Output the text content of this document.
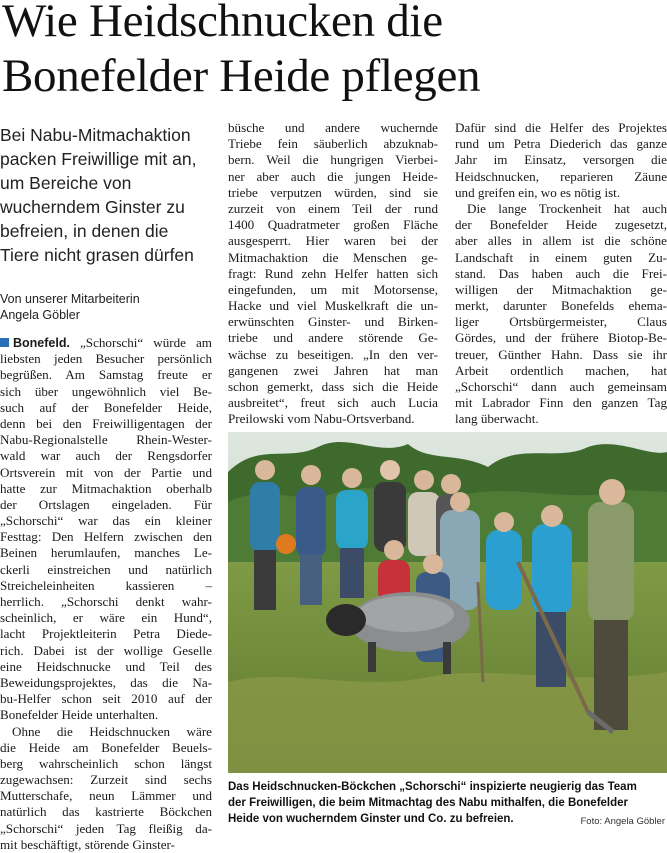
Wie Heidschnucken die
Bonefelder Heide pflegen
Bei Nabu-Mitmachaktion
packen Freiwillige mit an,
um Bereiche von
wucherndem Ginster zu
befreien, in denen die
Tiere nicht grasen dürfen
Von unserer Mitarbeiterin
Angela Göbler
Bonefeld. „Schorschi“ würde am
liebsten jeden Besucher persönlich
begrüßen. Am Samstag freute er
sich über ungewöhnlich viel Be-
such auf der Bonefelder Heide,
denn bei den Freiwilligentagen der
Nabu-Regionalstelle Rhein-Wester-
wald war auch der Rengsdorfer
Ortsverein mit von der Partie und
hatte zur Mitmachaktion oberhalb
der Ortslagen eingeladen. Für
„Schorschi“ war das ein kleiner
Festtag: Den Helfern zwischen den
Beinen herumlaufen, manches Le-
ckerli einstreichen und natürlich
Streicheleinheiten kassieren –
herrlich. „Schorschi denkt wahr-
scheinlich, er wäre ein Hund“,
lacht Projektleiterin Petra Diede-
rich. Dabei ist der wollige Geselle
eine Heidschnucke und Teil des
Beweidungsprojektes, das die Na-
bu-Helfer schon seit 2010 auf der
Bonefelder Heide unterhalten.
Ohne die Heidschnucken wäre
die Heide am Bonefelder Beuels-
berg wahrscheinlich schon längst
zugewachsen: Zurzeit sind sechs
Mutterschafe, neun Lämmer und
natürlich das kastrierte Böckchen
„Schorschi“ jeden Tag fleißig da-
mit beschäftigt, störende Ginster-
büsche und andere wuchernde
Triebe fein säuberlich abzuknab-
bern. Weil die hungrigen Vierbei-
ner aber auch die jungen Heide-
triebe verputzen würden, sind sie
zurzeit von einem Teil der rund
1400 Quadratmeter großen Fläche
ausgesperrt. Hier waren bei der
Mitmachaktion die Menschen ge-
fragt: Rund zehn Helfer hatten sich
eingefunden, um mit Motorsense,
Hacke und viel Muskelkraft die un-
erwünschten Ginster- und Birken-
triebe und andere störende Ge-
wächse zu beseitigen. „In den ver-
gangenen zwei Jahren hat man
schon gemerkt, dass sich die Heide
ausbreitet“, freut sich auch Lucia
Preilowski vom Nabu-Ortsverband.
Dafür sind die Helfer des Projektes
rund um Petra Diederich das ganze
Jahr im Einsatz, versorgen die
Heidschnucken, reparieren Zäune
und greifen ein, wo es nötig ist.
Die lange Trockenheit hat auch
der Bonefelder Heide zugesetzt,
aber alles in allem ist die schöne
Landschaft in einem guten Zu-
stand. Das haben auch die Frei-
willigen der Mitmachaktion ge-
merkt, darunter Bonefelds ehema-
liger Ortsbürgermeister, Claus
Gördes, und der frühere Biotop-Be-
treuer, Günther Hahn. Dass sie ihr
Arbeit ordentlich machen, hat
„Schorschi“ dann auch gemeinsam
mit Labrador Finn den ganzen Tag
lang überwacht.
Das Heidschnucken-Böckchen „Schorschi“ inspizierte neugierig das Team
der Freiwilligen, die beim Mitmachtag des Nabu mithalfen, die Bonefelder
Heide von wucherndem Ginster und Co. zu befreien.	Foto: Angela Göbler
